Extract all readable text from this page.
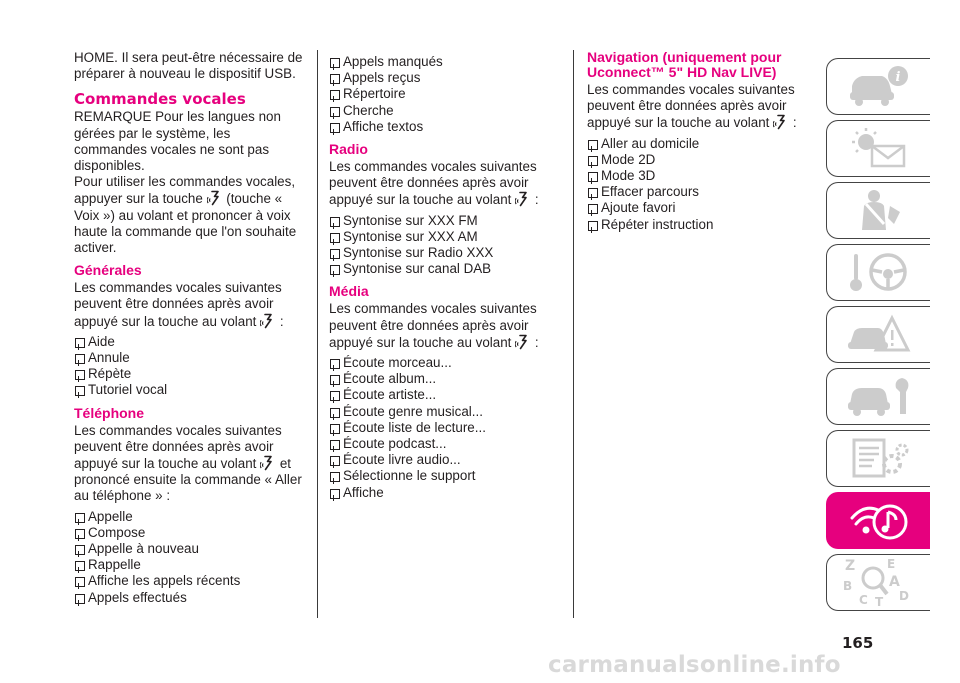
HOME. Il sera peut-être nécessaire de préparer à nouveau le dispositif USB.

Commandes vocales

REMARQUE Pour les langues non gérées par le système, les commandes vocales ne sont pas disponibles.

Pour utiliser les commandes vocales, appuyer sur la touche (touche « Voix ») au volant et prononcer à voix haute la commande que l'on souhaite activer.

Générales

Les commandes vocales suivantes peuvent être données après avoir appuyé sur la touche au volant :

Aide
Annule
Répète
Tutoriel vocal
Téléphone

Les commandes vocales suivantes peuvent être données après avoir appuyé sur la touche au volant et prononcé ensuite la commande « Aller au téléphone » :

Appelle
Compose
Appelle à nouveau
Rappelle
Affiche les appels récents
Appels effectués
Appels manqués
Appels reçus
Répertoire
Cherche
Affiche textos
Radio

Les commandes vocales suivantes peuvent être données après avoir appuyé sur la touche au volant :

Syntonise sur XXX FM
Syntonise sur XXX AM
Syntonise sur Radio XXX
Syntonise sur canal DAB
Média

Les commandes vocales suivantes peuvent être données après avoir appuyé sur la touche au volant :

Écoute morceau...
Écoute album...
Écoute artiste...
Écoute genre musical...
Écoute liste de lecture...
Écoute podcast...
Écoute livre audio...
Sélectionne le support
Affiche
Navigation (uniquement pour Uconnect™ 5" HD Nav LIVE)

Les commandes vocales suivantes peuvent être données après avoir appuyé sur la touche au volant :

Aller au domicile
Mode 2D
Mode 3D
Effacer parcours
Ajoute favori
Répéter instruction
i
Z	E
A
B
C T D
165
carmanualsonline.info
